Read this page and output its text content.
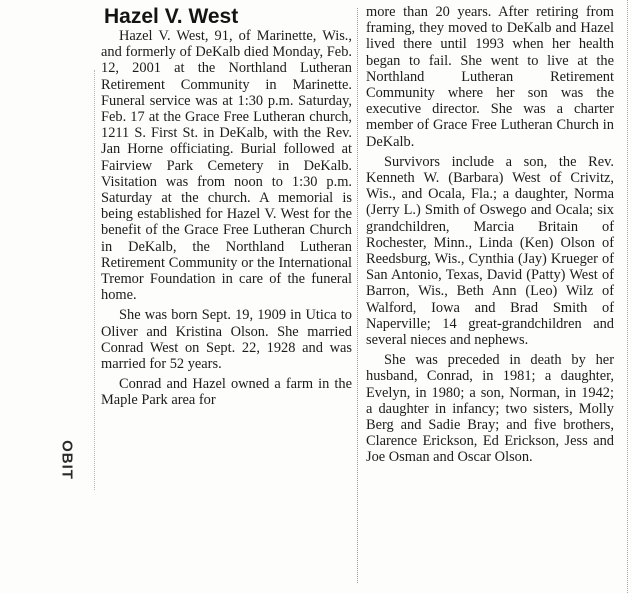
Hazel V. West
OBIT

Hazel V. West, 91, of Marinette, Wis., and formerly of DeKalb died Monday, Feb. 12, 2001 at the Northland Lutheran Retirement Community in Marinette. Funeral service was at 1:30 p.m. Saturday, Feb. 17 at the Grace Free Lutheran church, 1211 S. First St. in DeKalb, with the Rev. Jan Horne officiating. Burial followed at Fairview Park Cemetery in DeKalb. Visitation was from noon to 1:30 p.m. Saturday at the church. A memorial is being established for Hazel V. West for the benefit of the Grace Free Lutheran Church in DeKalb, the Northland Lutheran Retirement Community or the International Tremor Foundation in care of the funeral home.

She was born Sept. 19, 1909 in Utica to Oliver and Kristina Olson. She married Conrad West on Sept. 22, 1928 and was married for 52 years.

Conrad and Hazel owned a farm in the Maple Park area for

more than 20 years. After retiring from framing, they moved to DeKalb and Hazel lived there until 1993 when her health began to fail. She went to live at the Northland Lutheran Retirement Community where her son was the executive director. She was a charter member of Grace Free Lutheran Church in DeKalb.

Survivors include a son, the Rev. Kenneth W. (Barbara) West of Crivitz, Wis., and Ocala, Fla.; a daughter, Norma (Jerry L.) Smith of Oswego and Ocala; six grandchildren, Marcia Britain of Rochester, Minn., Linda (Ken) Olson of Reedsburg, Wis., Cynthia (Jay) Krueger of San Antonio, Texas, David (Patty) West of Barron, Wis., Beth Ann (Leo) Wilz of Walford, Iowa and Brad Smith of Naperville; 14 great-grandchildren and several nieces and nephews.

She was preceded in death by her husband, Conrad, in 1981; a daughter, Evelyn, in 1980; a son, Norman, in 1942; a daughter in infancy; two sisters, Molly Berg and Sadie Bray; and five brothers, Clarence Erickson, Ed Erickson, Jess and Joe Osman and Oscar Olson.
